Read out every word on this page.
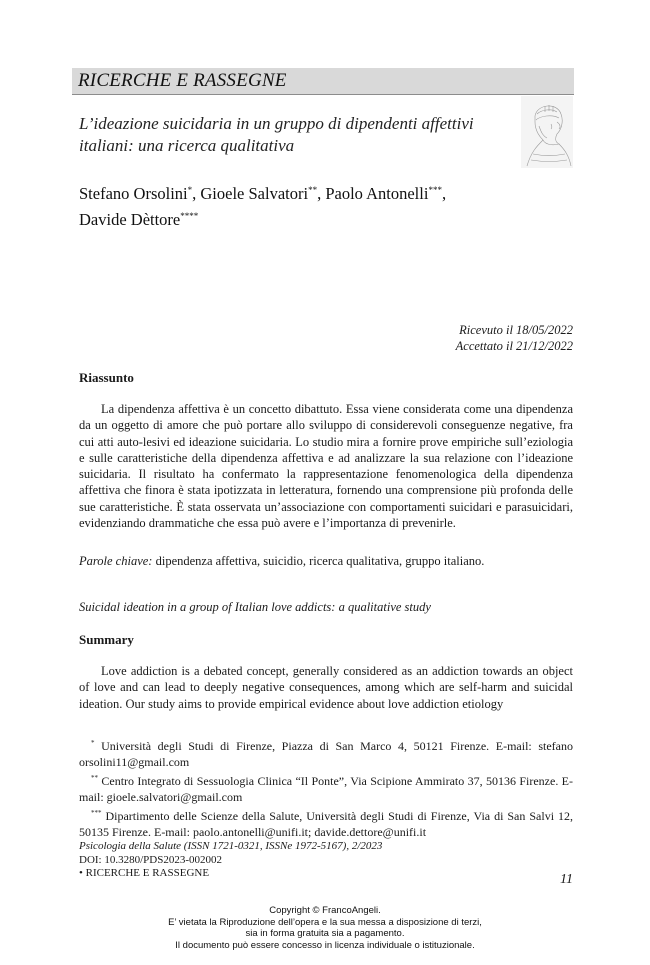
RICERCHE E RASSEGNE
L’ideazione suicidaria in un gruppo di dipendenti affettivi
italiani: una ricerca qualitativa
Stefano Orsolini*, Gioele Salvatori**, Paolo Antonelli***,
Davide Dèttore****
Ricevuto il 18/05/2022
Accettato il 21/12/2022
Riassunto
La dipendenza affettiva è un concetto dibattuto. Essa viene considerata come una dipendenza da un oggetto di amore che può portare allo sviluppo di considerevoli conseguenze negative, fra cui atti auto-lesivi ed ideazione suicidaria. Lo studio mira a fornire prove empiriche sull’eziologia e sulle caratteristiche della dipendenza affettiva e ad analizzare la sua relazione con l’ideazione suicidaria. Il risultato ha confermato la rappresentazione fenomenologica della dipendenza affettiva che finora è stata ipotizzata in letteratura, fornendo una comprensione più profonda delle sue caratteristiche. È stata osservata un’associazione con comportamenti suicidari e parasuicidari, evidenziando drammatiche che essa può avere e l’importanza di prevenirle.
Parole chiave: dipendenza affettiva, suicidio, ricerca qualitativa, gruppo italiano.
Suicidal ideation in a group of Italian love addicts: a qualitative study
Summary
Love addiction is a debated concept, generally considered as an addiction towards an object of love and can lead to deeply negative consequences, among which are self-harm and suicidal ideation. Our study aims to provide empirical evidence about love addiction etiology
* Università degli Studi di Firenze, Piazza di San Marco 4, 50121 Firenze. E-mail: stefano orsolini11@gmail.com
** Centro Integrato di Sessuologia Clinica “Il Ponte”, Via Scipione Ammirato 37, 50136 Firenze. E-mail: gioele.salvatori@gmail.com
*** Dipartimento delle Scienze della Salute, Università degli Studi di Firenze, Via di San Salvi 12, 50135 Firenze. E-mail: paolo.antonelli@unifi.it; davide.dettore@unifi.it
Psicologia della Salute (ISSN 1721-0321, ISSNe 1972-5167), 2/2023
DOI: 10.3280/PDS2023-002002
• RICERCHE E RASSEGNE	11
Copyright © FrancoAngeli.
E’ vietata la Riproduzione dell’opera e la sua messa a disposizione di terzi,
sia in forma gratuita sia a pagamento.
Il documento può essere concesso in licenza individuale o istituzionale.
